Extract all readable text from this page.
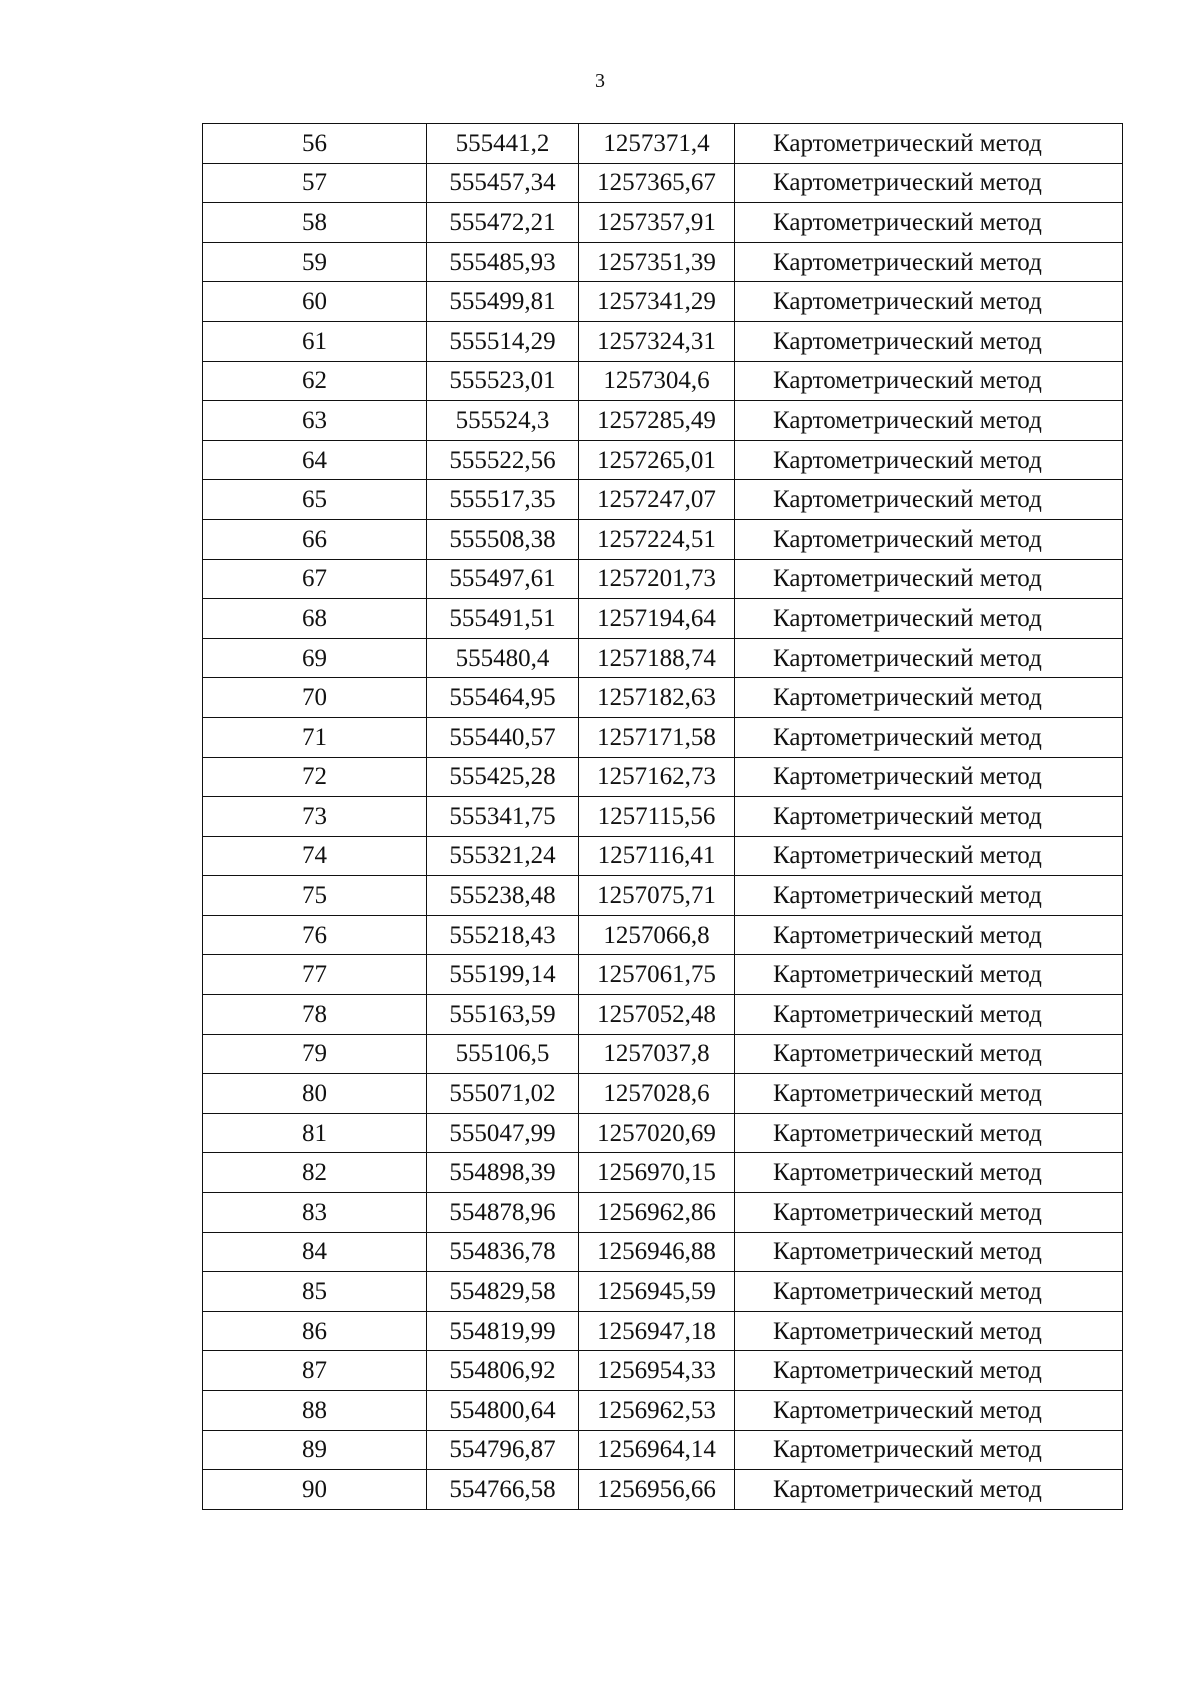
3
56	555441,2	1257371,4	Картометрический метод
57	555457,34	1257365,67	Картометрический метод
58	555472,21	1257357,91	Картометрический метод
59	555485,93	1257351,39	Картометрический метод
60	555499,81	1257341,29	Картометрический метод
61	555514,29	1257324,31	Картометрический метод
62	555523,01	1257304,6	Картометрический метод
63	555524,3	1257285,49	Картометрический метод
64	555522,56	1257265,01	Картометрический метод
65	555517,35	1257247,07	Картометрический метод
66	555508,38	1257224,51	Картометрический метод
67	555497,61	1257201,73	Картометрический метод
68	555491,51	1257194,64	Картометрический метод
69	555480,4	1257188,74	Картометрический метод
70	555464,95	1257182,63	Картометрический метод
71	555440,57	1257171,58	Картометрический метод
72	555425,28	1257162,73	Картометрический метод
73	555341,75	1257115,56	Картометрический метод
74	555321,24	1257116,41	Картометрический метод
75	555238,48	1257075,71	Картометрический метод
76	555218,43	1257066,8	Картометрический метод
77	555199,14	1257061,75	Картометрический метод
78	555163,59	1257052,48	Картометрический метод
79	555106,5	1257037,8	Картометрический метод
80	555071,02	1257028,6	Картометрический метод
81	555047,99	1257020,69	Картометрический метод
82	554898,39	1256970,15	Картометрический метод
83	554878,96	1256962,86	Картометрический метод
84	554836,78	1256946,88	Картометрический метод
85	554829,58	1256945,59	Картометрический метод
86	554819,99	1256947,18	Картометрический метод
87	554806,92	1256954,33	Картометрический метод
88	554800,64	1256962,53	Картометрический метод
89	554796,87	1256964,14	Картометрический метод
90	554766,58	1256956,66	Картометрический метод
